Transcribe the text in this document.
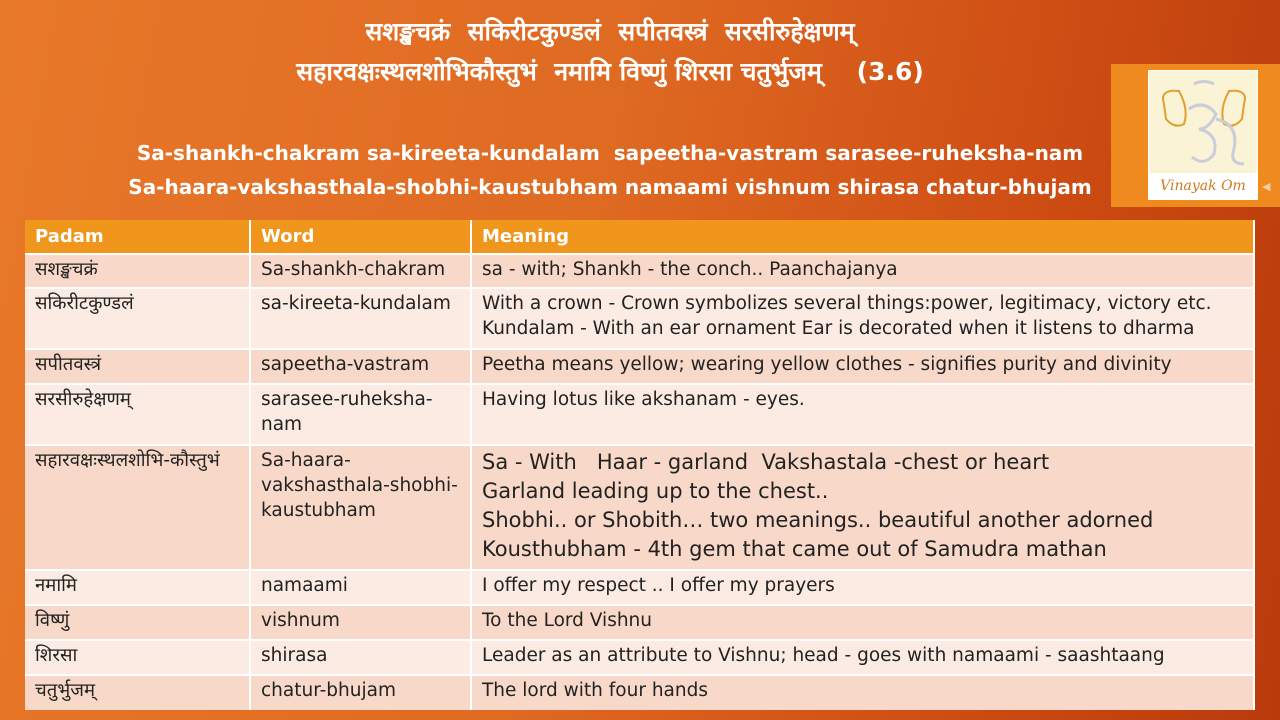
सशङ्खचक्रं  सकिरीटकुण्डलं  सपीतवस्त्रं  सरसीरुहेक्षणम्
सहारवक्षःस्थलशोभिकौस्तुभं  नमामि विष्णुं शिरसा चतुर्भुजम्    (3.6)
Sa-shankh-chakram sa-kireeta-kundalam  sapeetha-vastram sarasee-ruheksha-nam
Sa-haara-vakshasthala-shobhi-kaustubham namaami vishnum shirasa chatur-bhujam	Vinayak Om	◀
Padam	Word	Meaning
सशङ्खचक्रं	Sa-shankh-chakram	sa - with; Shankh - the conch.. Paanchajanya

सकिरीटकुण्डलं	sa-kireeta-kundalam	With a crown - Crown symbolizes several things:power, legitimacy, victory etc.
Kundalam - With an ear ornament Ear is decorated when it listens to dharma

सपीतवस्त्रं	sapeetha-vastram	Peetha means yellow; wearing yellow clothes - signifies purity and divinity

सरसीरुहेक्षणम्	sarasee-ruheksha-nam	Having lotus like akshanam - eyes.

सहारवक्षःस्थलशोभि-कौस्तुभं	Sa-haara-vakshasthala-shobhi-kaustubham	Sa - With   Haar - garland  Vakshastala -chest or heart
Garland leading up to the chest..
Shobhi.. or Shobith… two meanings.. beautiful another adorned
Kousthubham - 4th gem that came out of Samudra mathan

नमामि	namaami	I offer my respect .. I offer my prayers

विष्णुं	vishnum	To the Lord Vishnu

शिरसा	shirasa	Leader as an attribute to Vishnu; head - goes with namaami - saashtaang

चतुर्भुजम्	chatur-bhujam	The lord with four hands
